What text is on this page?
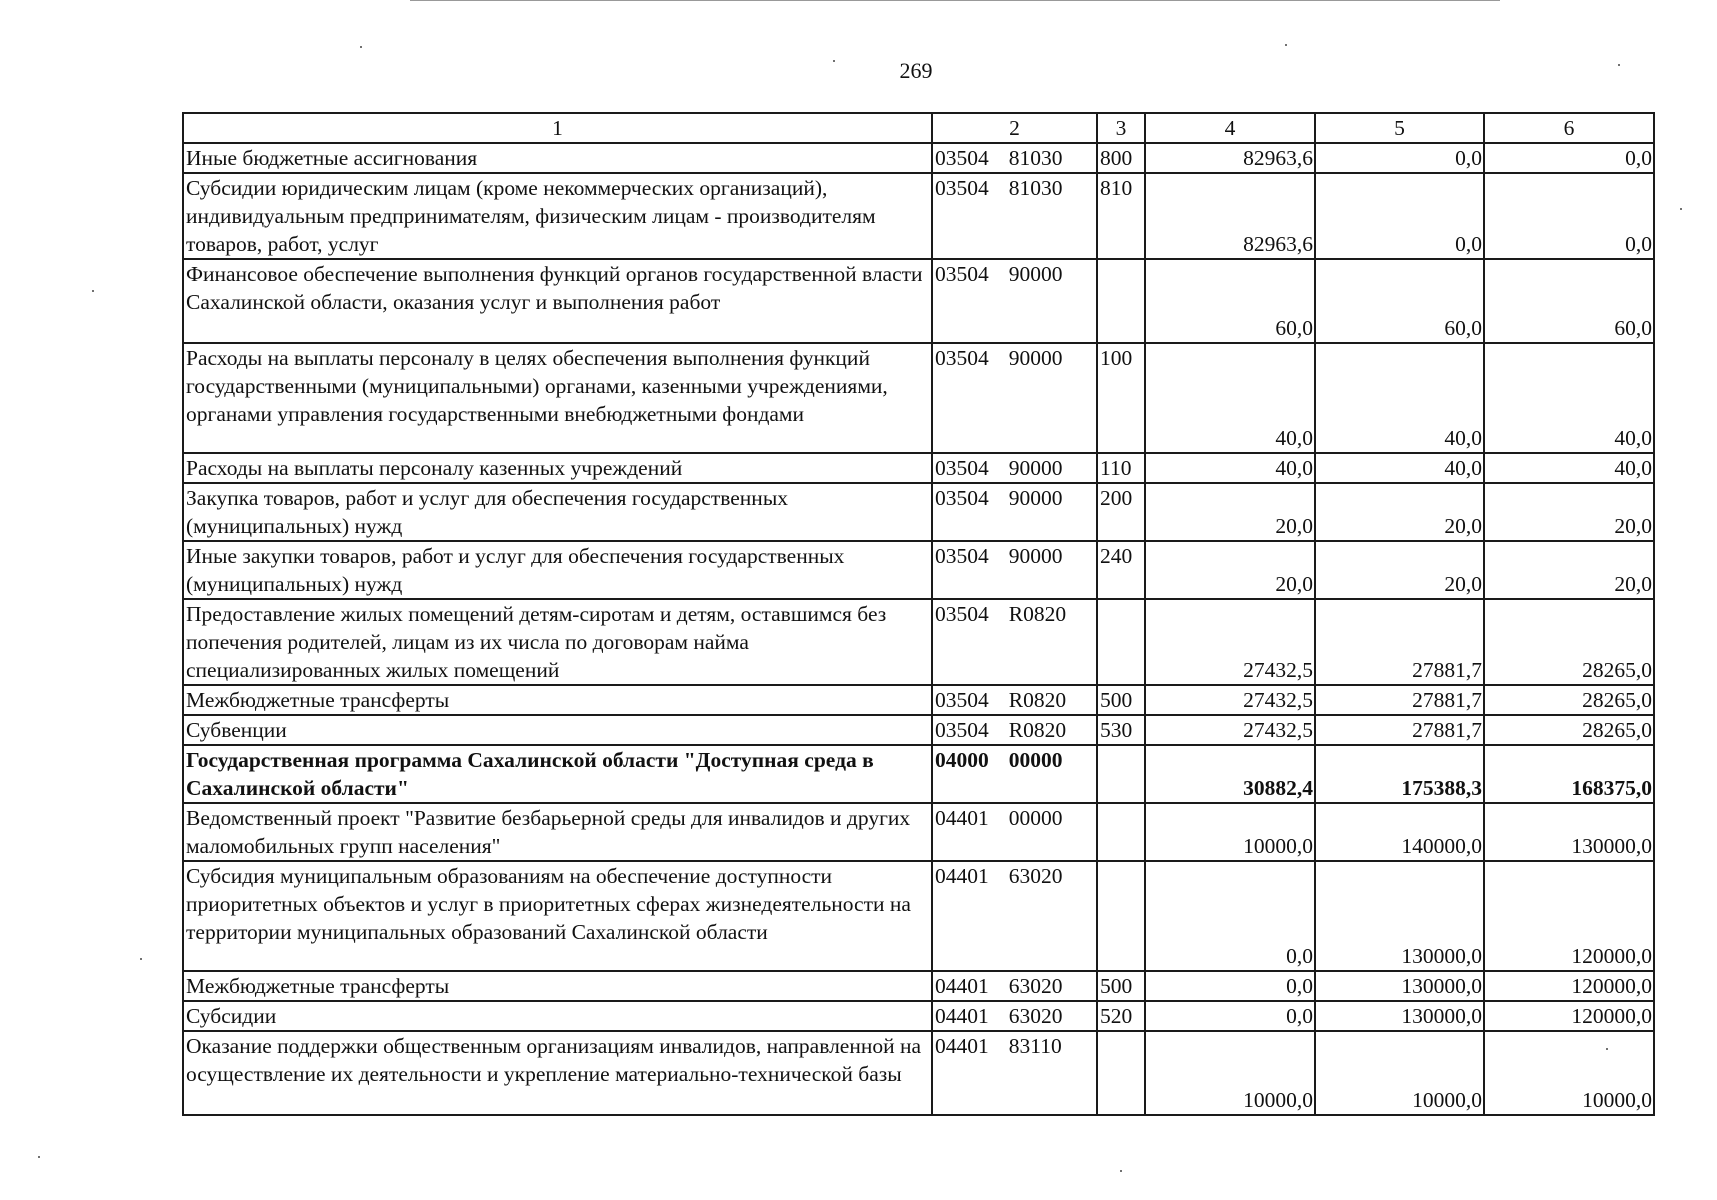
269
1	2	3	4	5	6
Иные бюджетные ассигнования	03504 81030	800	82963,6	0,0	0,0
Субсидии юридическим лицам (кроме некоммерческих организаций), индивидуальным предпринимателям, физическим лицам - производителям товаров, работ, услуг	03504 81030	810	82963,6	0,0	0,0
Финансовое обеспечение выполнения функций органов государственной власти Сахалинской области, оказания услуг и выполнения работ	03504 90000		60,0	60,0	60,0
Расходы на выплаты персоналу в целях обеспечения выполнения функций государственными (муниципальными) органами, казенными учреждениями, органами управления государственными внебюджетными фондами	03504 90000	100	40,0	40,0	40,0
Расходы на выплаты персоналу казенных учреждений	03504 90000	110	40,0	40,0	40,0
Закупка товаров, работ и услуг для обеспечения государственных (муниципальных) нужд	03504 90000	200	20,0	20,0	20,0
Иные закупки товаров, работ и услуг для обеспечения государственных (муниципальных) нужд	03504 90000	240	20,0	20,0	20,0
Предоставление жилых помещений детям-сиротам и детям, оставшимся без попечения родителей, лицам из их числа по договорам найма специализированных жилых помещений	03504 R0820		27432,5	27881,7	28265,0
Межбюджетные трансферты	03504 R0820	500	27432,5	27881,7	28265,0
Субвенции	03504 R0820	530	27432,5	27881,7	28265,0
Государственная программа Сахалинской области "Доступная среда в Сахалинской области"	04000 00000		30882,4	175388,3	168375,0
Ведомственный проект "Развитие безбарьерной среды для инвалидов и других маломобильных групп населения"	04401 00000		10000,0	140000,0	130000,0
Субсидия муниципальным образованиям на обеспечение доступности приоритетных объектов и услуг в приоритетных сферах жизнедеятельности на территории муниципальных образований Сахалинской области	04401 63020		0,0	130000,0	120000,0
Межбюджетные трансферты	04401 63020	500	0,0	130000,0	120000,0
Субсидии	04401 63020	520	0,0	130000,0	120000,0
Оказание поддержки общественным организациям инвалидов, направленной на осуществление их деятельности и укрепление материально-технической базы	04401 83110		10000,0	10000,0	10000,0
